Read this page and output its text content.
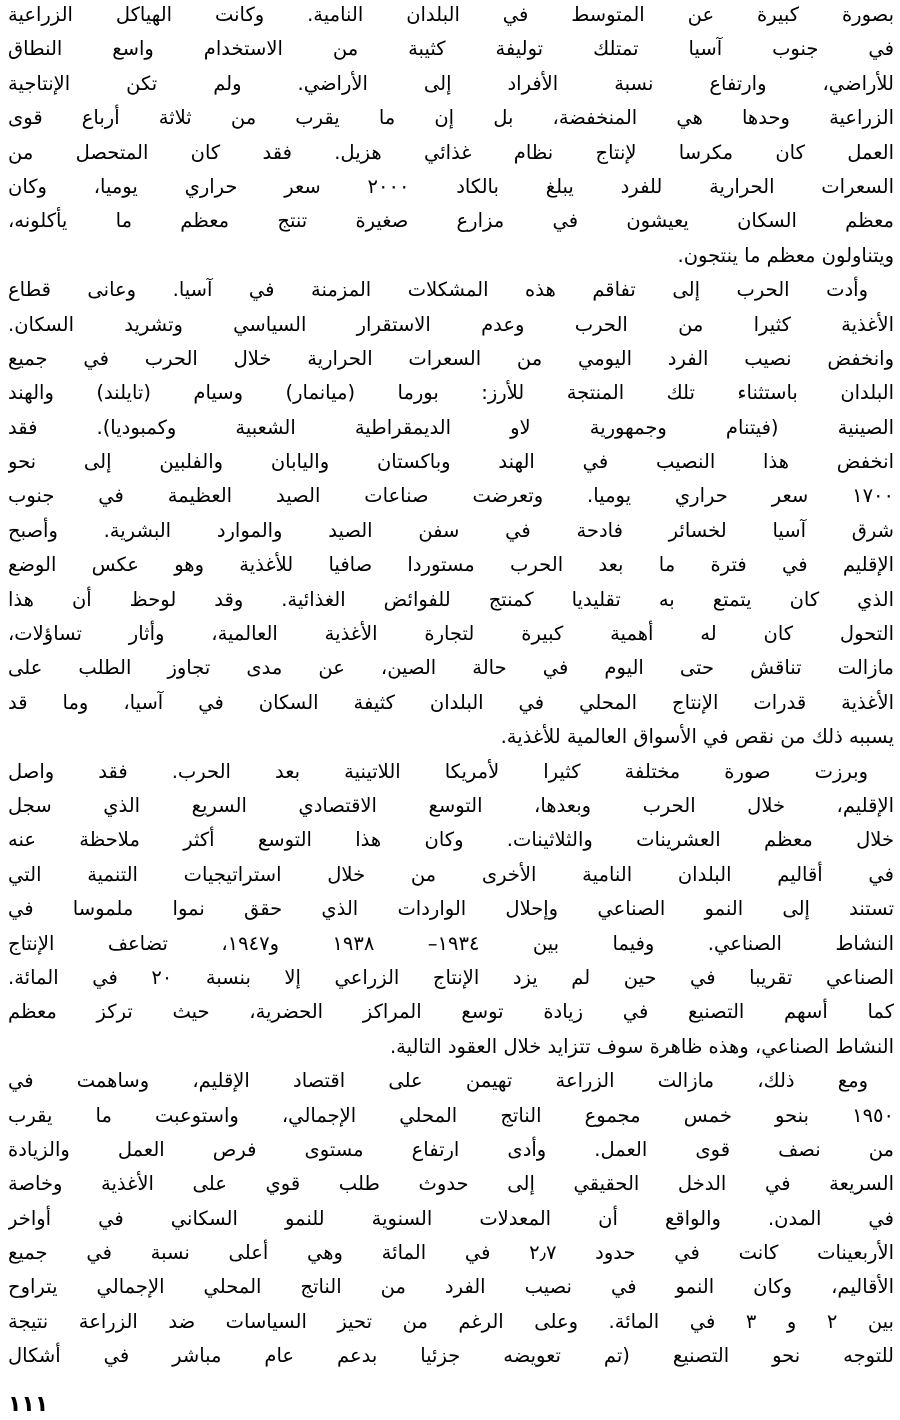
بصورة كبيرة عن المتوسط في البلدان النامية. وكانت الهياكل الزراعية
في جنوب آسيا تمتلك توليفة كثيبة من الاستخدام واسع النطاق
للأراضي، وارتفاع نسبة الأفراد إلى الأراضي. ولم تكن الإنتاجية
الزراعية وحدها هي المنخفضة، بل إن ما يقرب من ثلاثة أرباع قوى
العمل كان مكرسا لإنتاج نظام غذائي هزيل. فقد كان المتحصل من
السعرات الحرارية للفرد يبلغ بالكاد ٢٠٠٠ سعر حراري يوميا، وكان
معظم السكان يعيشون في مزارع صغيرة تنتج معظم ما يأكلونه،
ويتناولون معظم ما ينتجون.
وأدت الحرب إلى تفاقم هذه المشكلات المزمنة في آسيا. وعانى قطاع
الأغذية كثيرا من الحرب وعدم الاستقرار السياسي وتشريد السكان.
وانخفض نصيب الفرد اليومي من السعرات الحرارية خلال الحرب في جميع
البلدان باستثناء تلك المنتجة للأرز: بورما (ميانمار) وسيام (تايلند) والهند
الصينية (فيتنام وجمهورية لاو الديمقراطية الشعبية وكمبوديا). فقد
انخفض هذا النصيب في الهند وباكستان واليابان والفلبين إلى نحو
١٧٠٠ سعر حراري يوميا. وتعرضت صناعات الصيد العظيمة في جنوب
شرق آسيا لخسائر فادحة في سفن الصيد والموارد البشرية. وأصبح
الإقليم في فترة ما بعد الحرب مستوردا صافيا للأغذية وهو عكس الوضع
الذي كان يتمتع به تقليديا كمنتج للفوائض الغذائية. وقد لوحظ أن هذا
التحول كان له أهمية كبيرة لتجارة الأغذية العالمية، وأثار تساؤلات،
مازالت تناقش حتى اليوم في حالة الصين، عن مدى تجاوز الطلب على
الأغذية قدرات الإنتاج المحلي في البلدان كثيفة السكان في آسيا، وما قد
يسببه ذلك من نقص في الأسواق العالمية للأغذية.
وبرزت صورة مختلفة كثيرا لأمريكا اللاتينية بعد الحرب. فقد واصل
الإقليم، خلال الحرب وبعدها، التوسع الاقتصادي السريع الذي سجل
خلال معظم العشرينات والثلاثينات. وكان هذا التوسع أكثر ملاحظة عنه
في أقاليم البلدان النامية الأخرى من خلال استراتيجيات التنمية التي
تستند إلى النمو الصناعي وإحلال الواردات الذي حقق نموا ملموسا في
النشاط الصناعي. وفيما بين ١٩٣٤– ١٩٣٨ و١٩٤٧، تضاعف الإنتاج
الصناعي تقريبا في حين لم يزد الإنتاج الزراعي إلا بنسبة ٢٠ في المائة.
كما أسهم التصنيع في زيادة توسع المراكز الحضرية، حيث تركز معظم
النشاط الصناعي، وهذه ظاهرة سوف تتزايد خلال العقود التالية.
ومع ذلك، مازالت الزراعة تهيمن على اقتصاد الإقليم، وساهمت في
١٩٥٠ بنحو خمس مجموع الناتج المحلي الإجمالي، واستوعبت ما يقرب
من نصف قوى العمل. وأدى ارتفاع مستوى فرص العمل والزيادة
السريعة في الدخل الحقيقي إلى حدوث طلب قوي على الأغذية وخاصة
في المدن. والواقع أن المعدلات السنوية للنمو السكاني في أواخر
الأربعينات كانت في حدود ٢٫٧ في المائة وهي أعلى نسبة في جميع
الأقاليم، وكان النمو في نصيب الفرد من الناتج المحلي الإجمالي يتراوح
بين ٢ و ٣ في المائة. وعلى الرغم من تحيز السياسات ضد الزراعة نتيجة
للتوجه نحو التصنيع (تم تعويضه جزئيا بدعم عام مباشر في أشكال
١١١
